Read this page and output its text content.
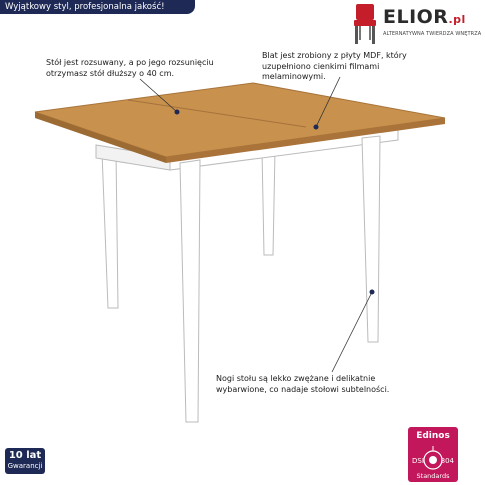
Wyjątkowy styl, profesjonalna jakość!	ELIOR.pl
ALTERNATYWNA TWIERDZA WNĘTRZA
Stół jest rozsuwany, a po jego rozsunięciu
otrzymasz stół dłuższy o 40 cm.
Blat jest zrobiony z płyty MDF, który
uzupełniono cienkimi filmami
melaminowymi.
Nogi stołu są lekko zwężane i delikatnie
wybarwione, co nadaje stołowi subtelności.
10 lat
Gwarancji
Edinos
DSI 804
Standards
